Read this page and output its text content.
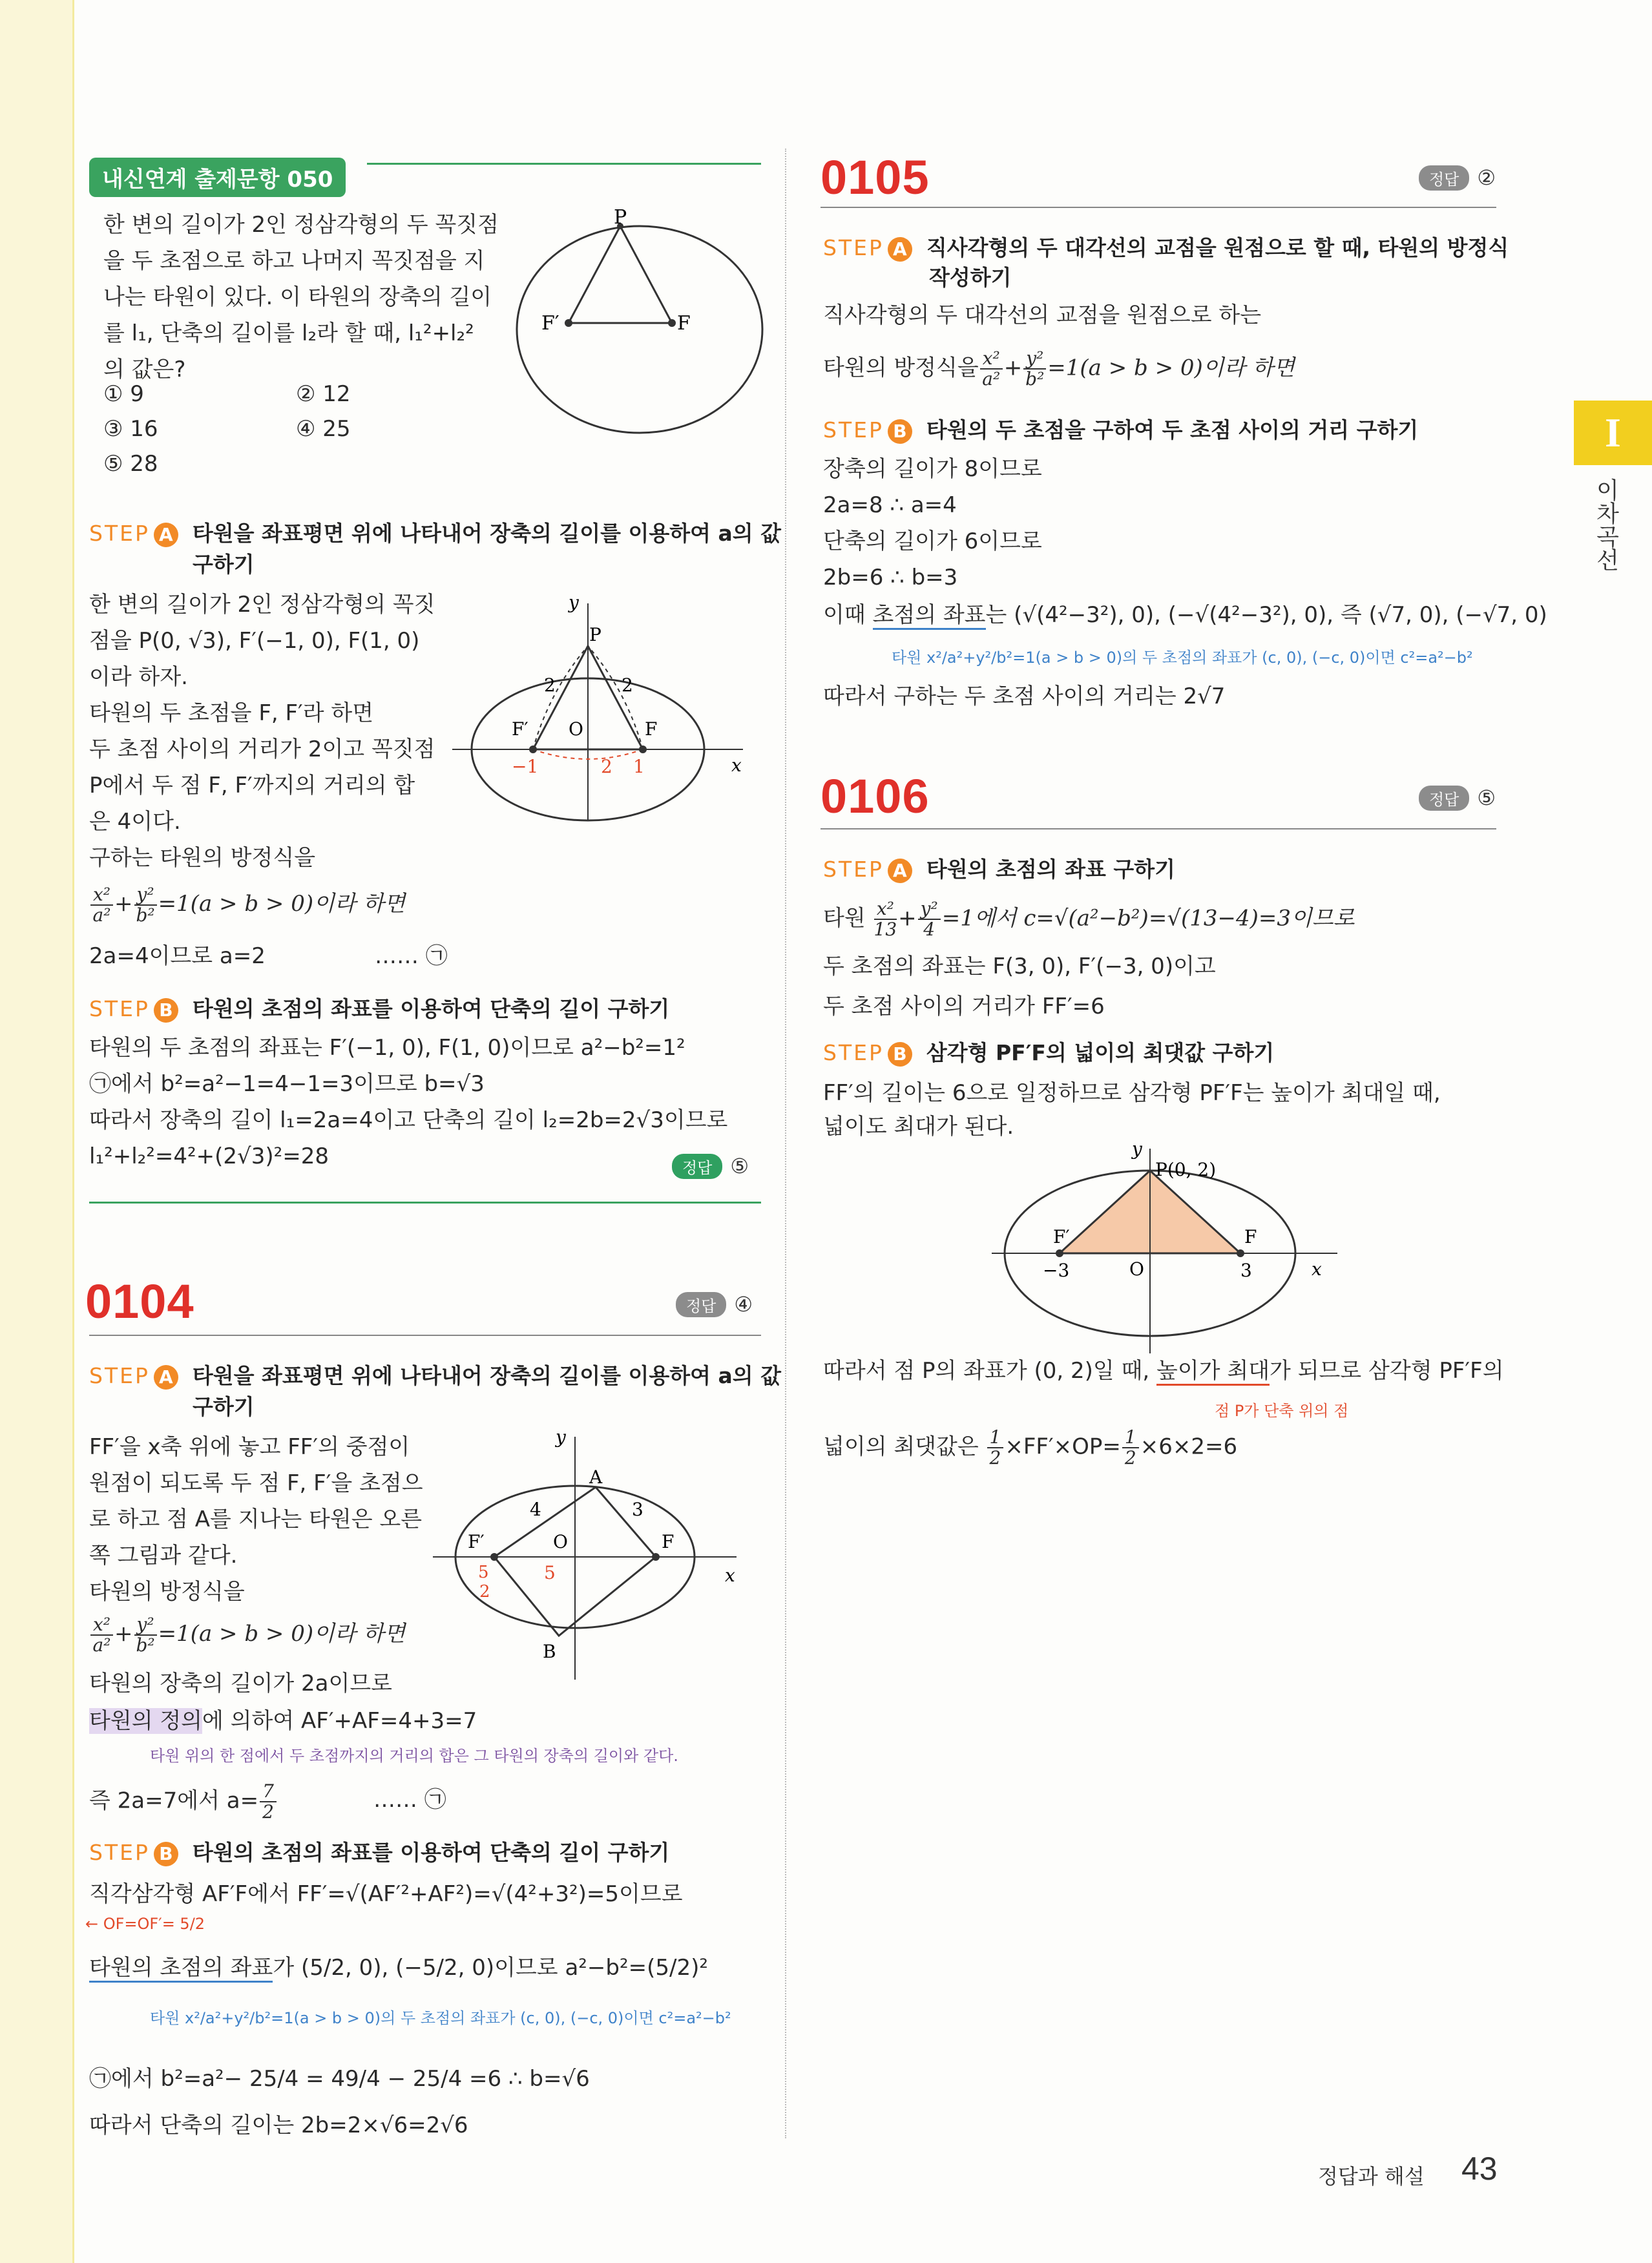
I
이차곡선
내신연계 출제문항 050
한 변의 길이가 2인 정삼각형의 두 꼭짓점
을 두 초점으로 하고 나머지 꼭짓점을 지
나는 타원이 있다. 이 타원의 장축의 길이
를 l₁, 단축의 길이를 l₂라 할 때, l₁²+l₂²
의 값은?
① 9	② 12
③ 16	④ 25
⑤ 28
P
F′	F
STEP A 타원을 좌표평면 위에 나타내어 장축의 길이를 이용하여 a의 값
구하기
한 변의 길이가 2인 정삼각형의 꼭짓
점을 P(0, √3), F′(−1, 0), F(1, 0)
이라 하자.
타원의 두 초점을 F, F′라 하면
두 초점 사이의 거리가 2이고 꼭짓점
P에서 두 점 F, F′까지의 거리의 합
은 4이다.
구하는 타원의 방정식을
$\frac{\text{x²}}{\text{a²}} + \frac{\text{y²}}{\text{b²}} =1(a > b > 0)$이라 하면
2a=4이므로 a=2	…… ㉠
y
x
P
O	F
F′
−1	1
2
2	2
STEP B 타원의 초점의 좌표를 이용하여 단축의 길이 구하기
타원의 두 초점의 좌표는 F′(−1, 0), F(1, 0)이므로 a²−b²=1²
㉠에서 b²=a²−1=4−1=3이므로 b=√3
따라서 장축의 길이 l₁=2a=4이고 단축의 길이 l₂=2b=2√3이므로
l₁²+l₂²=4²+(2√3)²=28	정답 ⑤
0104	정답 ④
STEP A 타원을 좌표평면 위에 나타내어 장축의 길이를 이용하여 a의 값
구하기
FF′을 x축 위에 놓고 FF′의 중점이
원점이 되도록 두 점 F, F′을 초점으
로 하고 점 A를 지나는 타원은 오른
쪽 그림과 같다.
타원의 방정식을
$\frac{\text{x²}}{\text{a²}} + \frac{\text{y²}}{\text{b²}} =1(a > b > 0)$이라 하면
타원의 장축의 길이가 2a이므로
타원의 정의에 의하여 AF′+AF=4+3=7
타원 위의 한 점에서 두 초점까지의 거리의 합은 그 타원의 장축의 길이와 같다.
즉 2a=7에서 $a= \frac{7}{2}$	…… ㉠
y
x
A
B
O	F
F′
4	3
5
5
2
STEP B 타원의 초점의 좌표를 이용하여 단축의 길이 구하기
직각삼각형 AF′F에서 FF′=√(AF′²+AF²)=√(4²+3²)=5이므로
← OF=OF′= 5/2
타원의 초점의 좌표가 (5/2, 0), (−5/2, 0)이므로 a²−b²=(5/2)²
타원 x²/a²+y²/b²=1(a > b > 0)의 두 초점의 좌표가 (c, 0), (−c, 0)이면 c²=a²−b²
㉠에서 b²=a²− 25/4 = 49/4 − 25/4 =6 ∴ b=√6
따라서 단축의 길이는 2b=2×√6=2√6
0105	정답 ②
STEP A 직사각형의 두 대각선의 교점을 원점으로 할 때, 타원의 방정식
작성하기
직사각형의 두 대각선의 교점을 원점으로 하는
타원의 방정식을 $\frac{\text{x²}}{\text{a²}} + \frac{\text{y²}}{\text{b²}} =1(a > b > 0)$이라 하면
STEP B 타원의 두 초점을 구하여 두 초점 사이의 거리 구하기
장축의 길이가 8이므로
2a=8 ∴ a=4
단축의 길이가 6이므로
2b=6 ∴ b=3
이때 초점의 좌표는 (√(4²−3²), 0), (−√(4²−3²), 0), 즉 (√7, 0), (−√7, 0)
타원 x²/a²+y²/b²=1(a > b > 0)의 두 초점의 좌표가 (c, 0), (−c, 0)이면 c²=a²−b²
따라서 구하는 두 초점 사이의 거리는 2√7
0106	정답 ⑤
STEP A 타원의 초점의 좌표 구하기
타원 $\frac{\text{x²}}{13} + \frac{\text{y²}}{4} =1$에서 c=√(a²−b²)=√(13−4)=3이므로
두 초점의 좌표는 F(3, 0), F′(−3, 0)이고
두 초점 사이의 거리가 FF′=6
STEP B 삼각형 PF′F의 넓이의 최댓값 구하기
FF′의 길이는 6으로 일정하므로 삼각형 PF′F는 높이가 최대일 때,
넓이도 최대가 된다.
y
x
P(0, 2)
O
F
F′
−3	3
따라서 점 P의 좌표가 (0, 2)일 때, 높이가 최대가 되므로 삼각형 PF′F의
점 P가 단축 위의 점
넓이의 최댓값은 $\frac{1}{2} \times FF'\times OP= \frac{1}{2} \times 6\times 2=6$
정답과 해설 43
